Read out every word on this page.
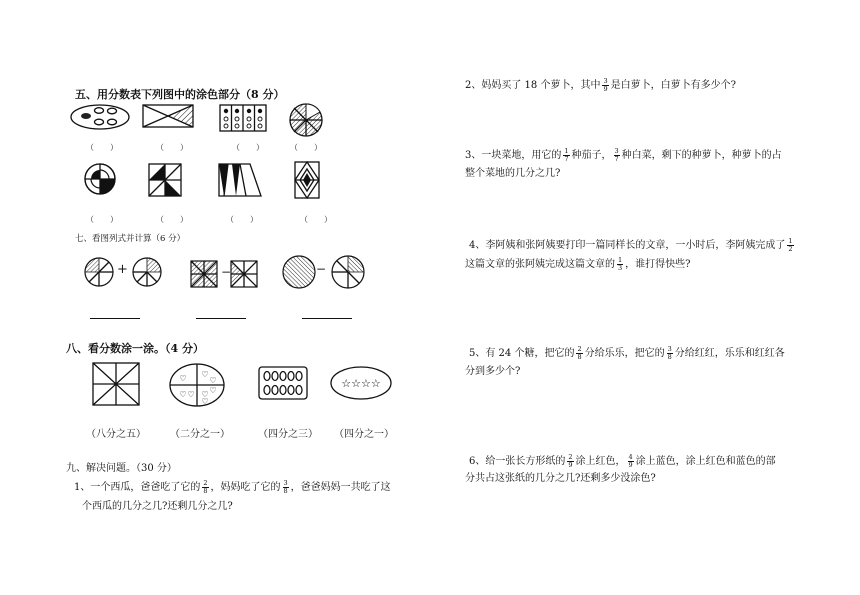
五、用分数表下列图中的涂色部分（8 分）
（　　）	（　　）	（　　）	（　　）
（　　）	（　　）	（　　）	（　　）
七、看图列式并计算（6 分）
+	−	−
八、看分数涂一涂。（4 分）
♡ ♡
♡
♡ ♡ ♡ ♡
♡
☆☆☆☆
（八分之五） （二分之一）	（四分之三） （四分之一）
九、解决问题。（30 分）
1、一个西瓜，爸爸吃了它的 $\frac{2}{8}$ ，妈妈吃了它的 $\frac{3}{8}$ ，爸爸妈妈一共吃了这
个西瓜的几分之几?还剩几分之几?
2、妈妈买了 18 个萝卜，其中 $\frac{3}{9}$ 是白萝卜，白萝卜有多少个?
3、一块菜地，用它的 $\frac{1}{7}$ 种茄子， $\frac{3}{7}$ 种白菜，剩下的种萝卜，种萝卜的占
整个菜地的几分之几?
4、李阿姨和张阿姨要打印一篇同样长的文章，一小时后，李阿姨完成了 $\frac{1}{2}$
这篇文章的张阿姨完成这篇文章的 $\frac{1}{3}$ ，谁打得快些?
5、有 24 个糖，把它的 $\frac{2}{8}$ 分给乐乐，把它的 $\frac{3}{8}$ 分给红红，乐乐和红红各
分到多少个?
6、给一张长方形纸的 $\frac{2}{9}$ 涂上红色， $\frac{4}{9}$ 涂上蓝色，涂上红色和蓝色的部
分共占这张纸的几分之几?还剩多少没涂色?
